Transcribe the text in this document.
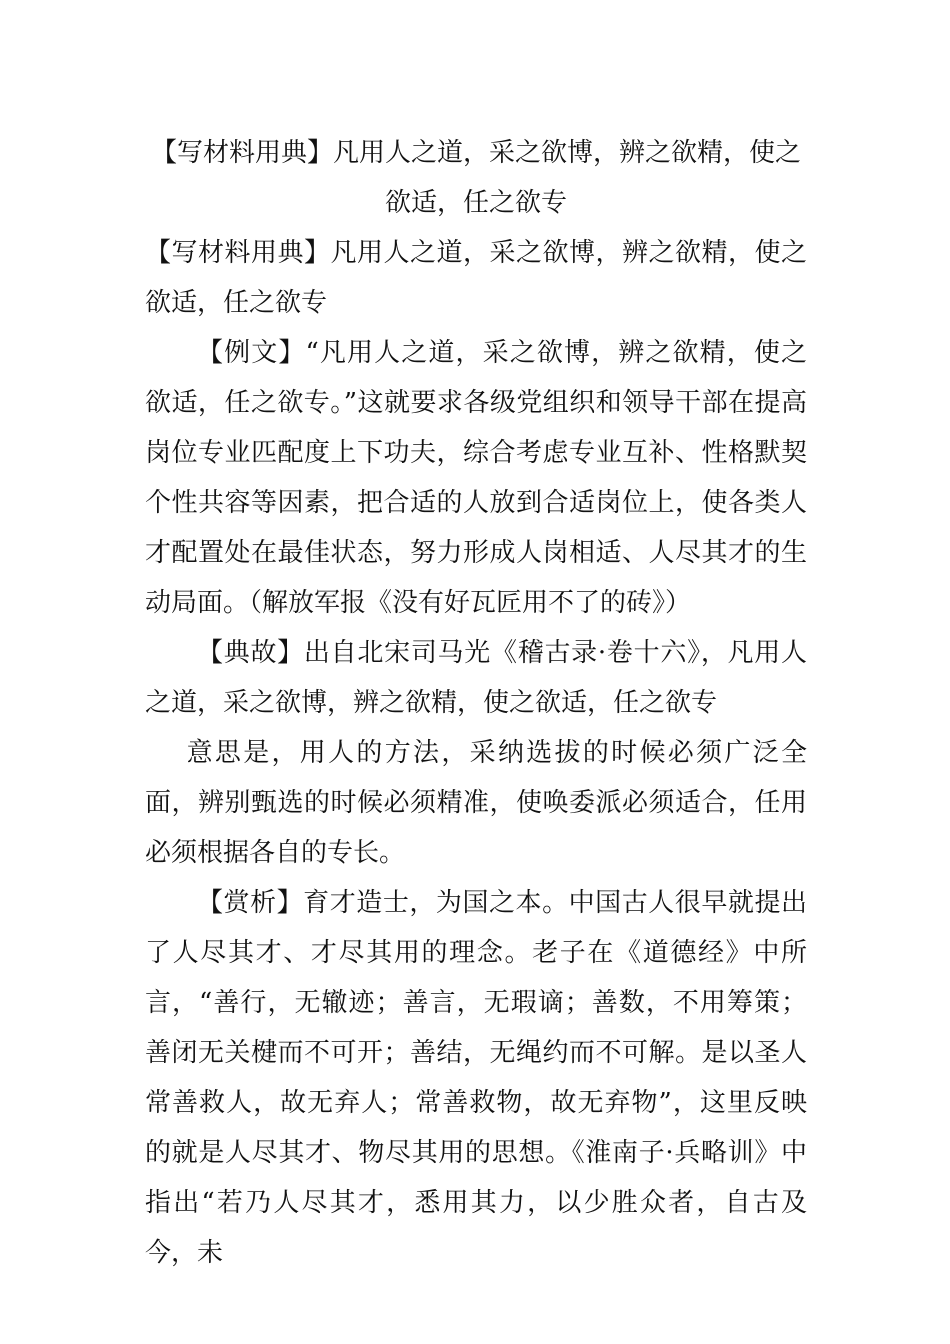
【写材料用典】凡用人之道，采之欲博，辨之欲精，使之欲适，任之欲专

【写材料用典】凡用人之道，采之欲博，辨之欲精，使之欲适，任之欲专

【例文】“凡用人之道，采之欲博，辨之欲精，使之欲适，任之欲专。”这就要求各级党组织和领导干部在提高岗位专业匹配度上下功夫，综合考虑专业互补、性格默契个性共容等因素，把合适的人放到合适岗位上，使各类人才配置处在最佳状态，努力形成人岗相适、人尽其才的生动局面。（解放军报《没有好瓦匠用不了的砖》）

【典故】出自北宋司马光《稽古录·卷十六》，凡用人之道，采之欲博，辨之欲精，使之欲适，任之欲专

意思是，用人的方法，采纳选拔的时候必须广泛全面，辨别甄选的时候必须精准，使唤委派必须适合，任用必须根据各自的专长。

【赏析】育才造士，为国之本。中国古人很早就提出了人尽其才、才尽其用的理念。老子在《道德经》中所言，“善行，无辙迹；善言，无瑕谪；善数，不用筹策；善闭无关楗而不可开；善结，无绳约而不可解。是以圣人常善救人，故无弃人；常善救物，故无弃物”，这里反映的就是人尽其才、物尽其用的思想。《淮南子·兵略训》中指出“若乃人尽其才，悉用其力，以少胜众者，自古及今，未
